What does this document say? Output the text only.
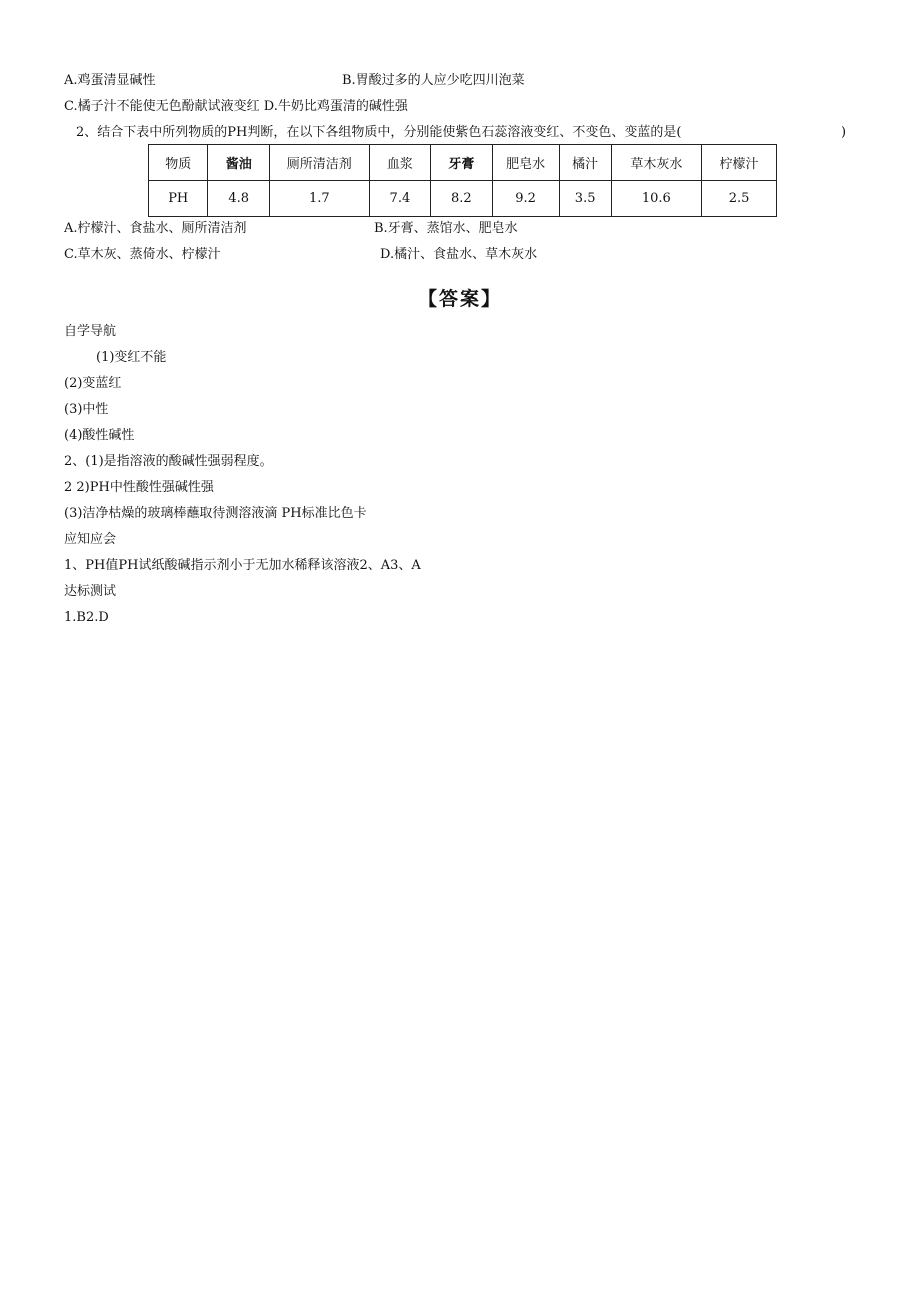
A.鸡蛋清显碱性	B.胃酸过多的人应少吃四川泡菜
C.橘子汁不能使无色酚献试液变红 D.牛奶比鸡蛋清的碱性强
2、结合下表中所列物质的PH判断，在以下各组物质中，分别能使紫色石蕊溶液变红、不变色、变蓝的是(	)
物质	酱油	厕所清洁剂	血浆	牙膏	肥皂水	橘汁	草木灰水	柠檬汁
PH	4.8	1.7	7.4	8.2	9.2	3.5	10.6	2.5
A.柠檬汁、食盐水、厕所清洁剂	B.牙膏、蒸馆水、肥皂水
C.草木灰、蒸倚水、柠檬汁	D.橘汁、食盐水、草木灰水
【答案】
自学导航
(1)变红不能
(2)变蓝红
(3)中性
(4)酸性碱性
2、(1)是指溶液的酸碱性强弱程度。
2 2)PH中性酸性强碱性强
(3)洁净枯燥的玻璃棒蘸取待测溶液滴 PH标准比色卡
应知应会
1、PH值PH试纸酸碱指示剂小于无加水稀释该溶液2、A3、A
达标测试
1.B2.D
